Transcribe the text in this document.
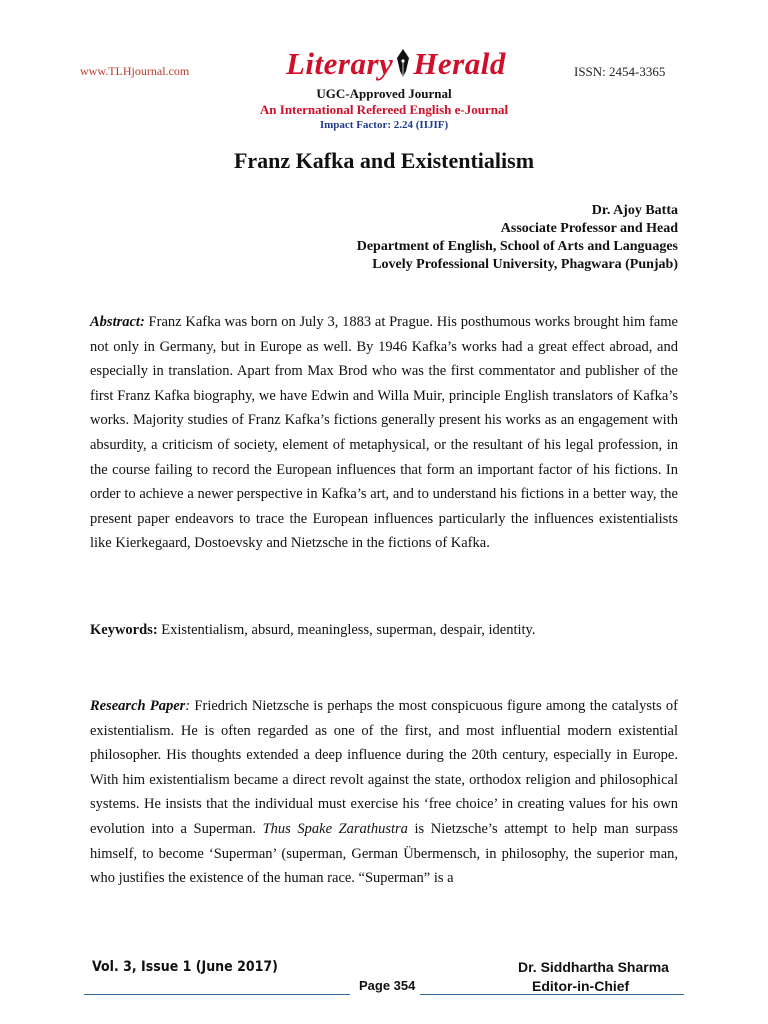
www.TLHjournal.com	Literary Herald	ISSN: 2454-3365
UGC-Approved Journal
An International Refereed English e-Journal
Impact Factor: 2.24 (IIJIF)
Franz Kafka and Existentialism
Dr. Ajoy Batta
Associate Professor and Head
Department of English, School of Arts and Languages
Lovely Professional University, Phagwara (Punjab)
Abstract: Franz Kafka was born on July 3, 1883 at Prague. His posthumous works brought him fame not only in Germany, but in Europe as well. By 1946 Kafka’s works had a great effect abroad, and especially in translation. Apart from Max Brod who was the first commentator and publisher of the first Franz Kafka biography, we have Edwin and Willa Muir, principle English translators of Kafka’s works. Majority studies of Franz Kafka’s fictions generally present his works as an engagement with absurdity, a criticism of society, element of metaphysical, or the resultant of his legal profession, in the course failing to record the European influences that form an important factor of his fictions. In order to achieve a newer perspective in Kafka’s art, and to understand his fictions in a better way, the present paper endeavors to trace the European influences particularly the influences existentialists like Kierkegaard, Dostoevsky and Nietzsche in the fictions of Kafka.
Keywords: Existentialism, absurd, meaningless, superman, despair, identity.
Research Paper: Friedrich Nietzsche is perhaps the most conspicuous figure among the catalysts of existentialism. He is often regarded as one of the first, and most influential modern existential philosopher. His thoughts extended a deep influence during the 20th century, especially in Europe. With him existentialism became a direct revolt against the state, orthodox religion and philosophical systems. He insists that the individual must exercise his ‘free choice’ in creating values for his own evolution into a Superman. Thus Spake Zarathustra is Nietzsche’s attempt to help man surpass himself, to become ‘Superman’ (superman, German Übermensch, in philosophy, the superior man, who justifies the existence of the human race. “Superman” is a
Vol. 3, Issue 1 (June 2017)	Dr. Siddhartha Sharma
Page 354	Editor-in-Chief
